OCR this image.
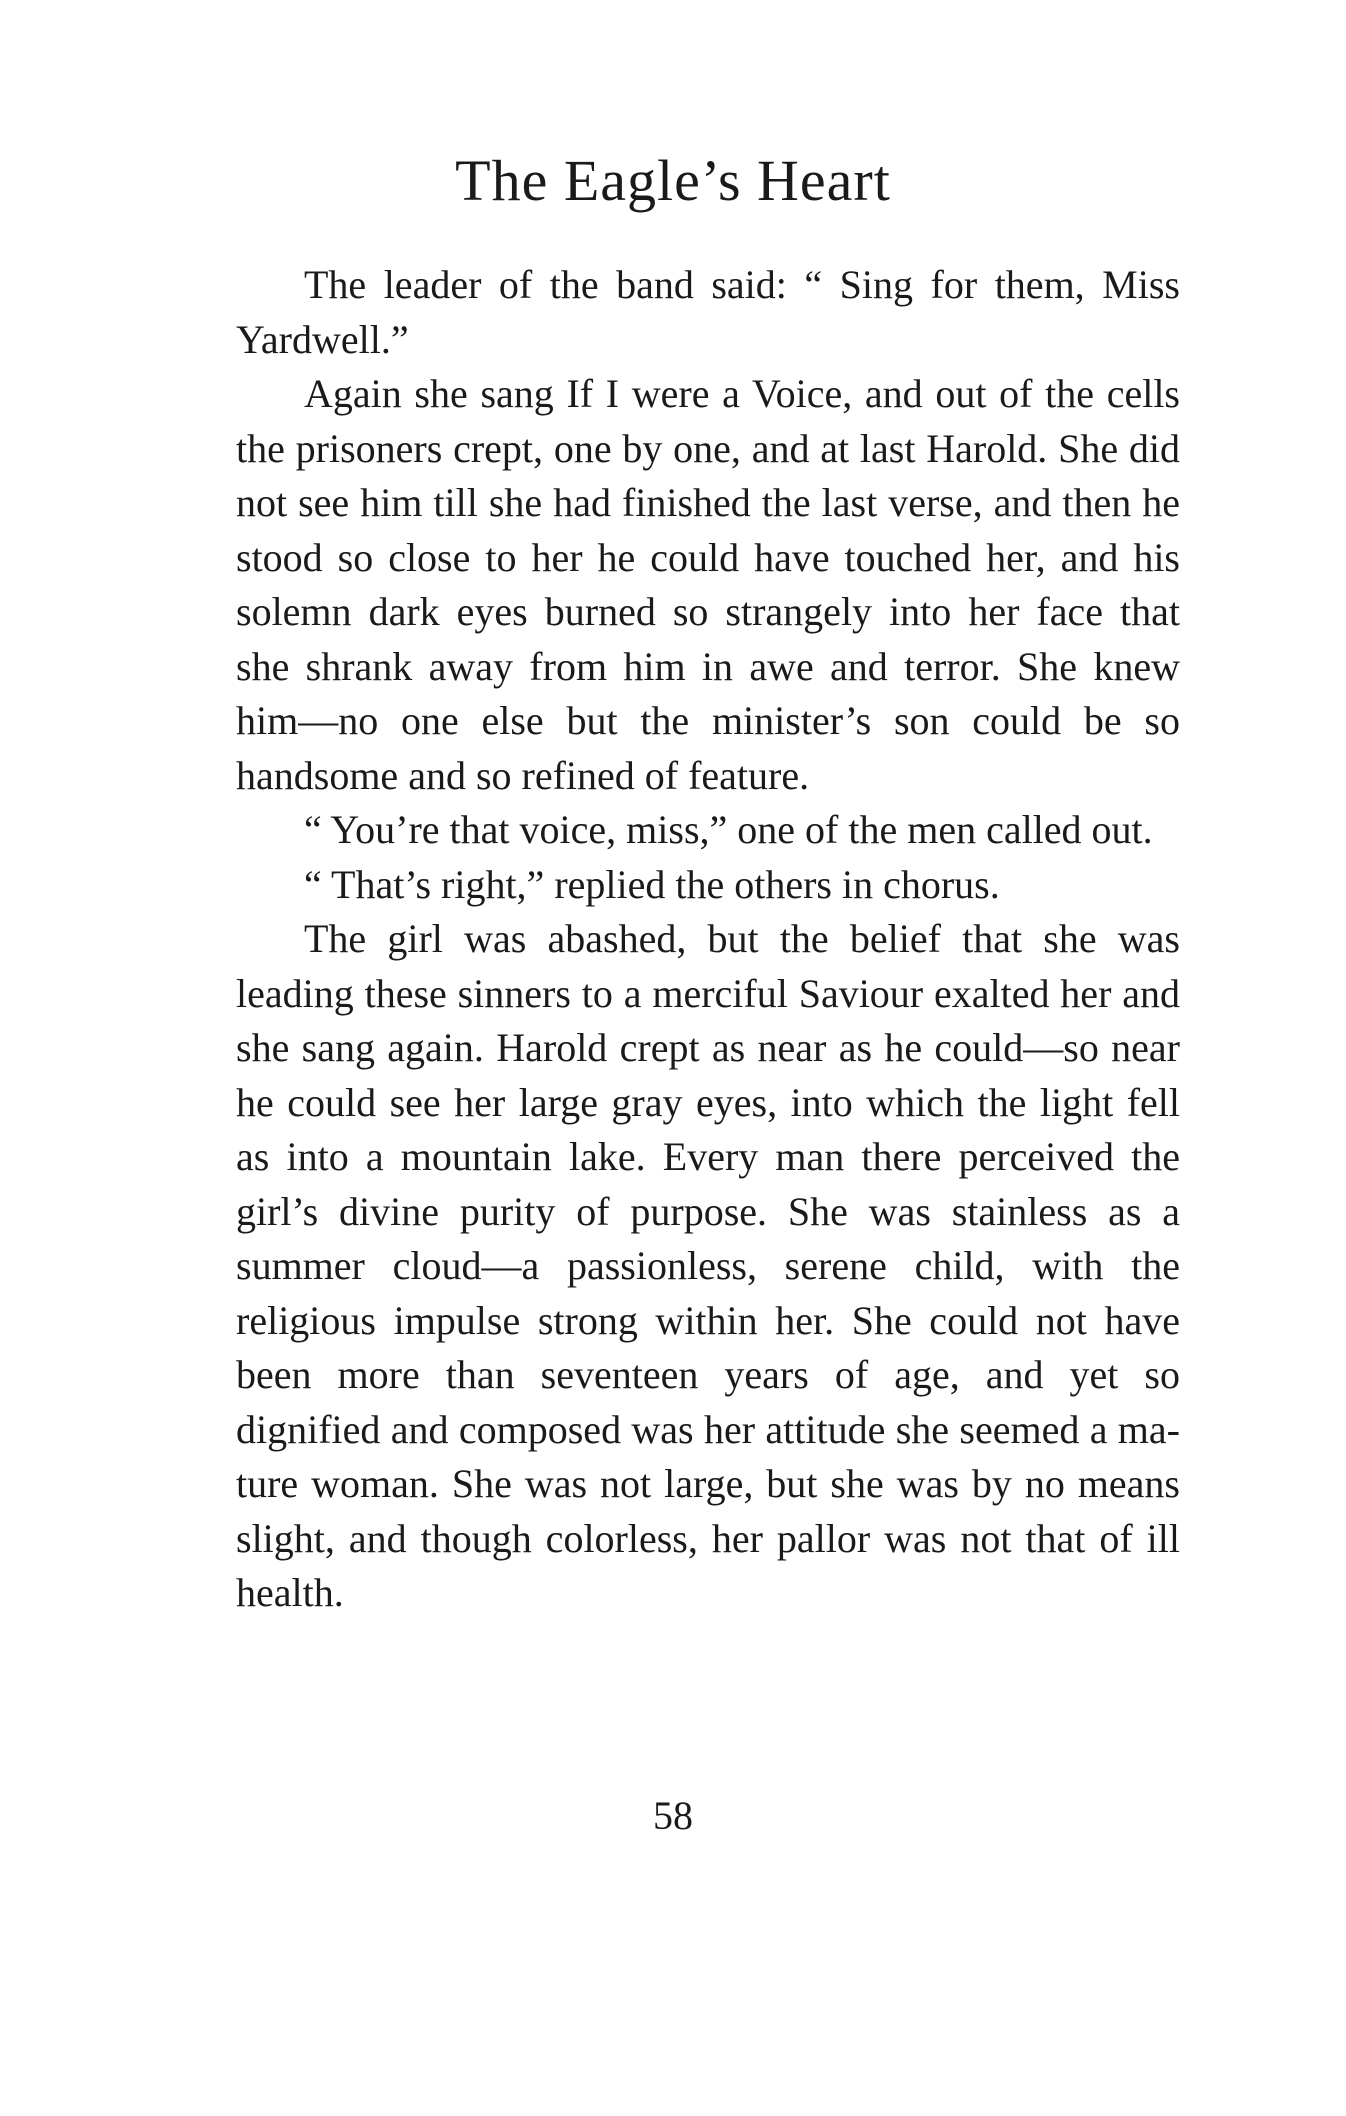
The Eagle’s Heart

The leader of the band said: “ Sing for them, Miss Yardwell.”

Again she sang If I were a Voice, and out of the cells the prisoners crept, one by one, and at last Harold. She did not see him till she had finished the last verse, and then he stood so close to her he could have touched her, and his solemn dark eyes burned so strangely into her face that she shrank away from him in awe and terror. She knew him—no one else but the minister’s son could be so handsome and so refined of feature.

“ You’re that voice, miss,” one of the men called out.

“ That’s right,” replied the others in chorus.

The girl was abashed, but the belief that she was leading these sinners to a merciful Saviour exalted her and she sang again. Harold crept as near as he could—so near he could see her large gray eyes, into which the light fell as into a mountain lake. Every man there perceived the girl’s divine purity of purpose. She was stainless as a summer cloud—a passionless, serene child, with the religious impulse strong within her. She could not have been more than seventeen years of age, and yet so dignified and composed was her attitude she seemed a mature woman. She was not large, but she was by no means slight, and though colorless, her pallor was not that of ill health.

58
